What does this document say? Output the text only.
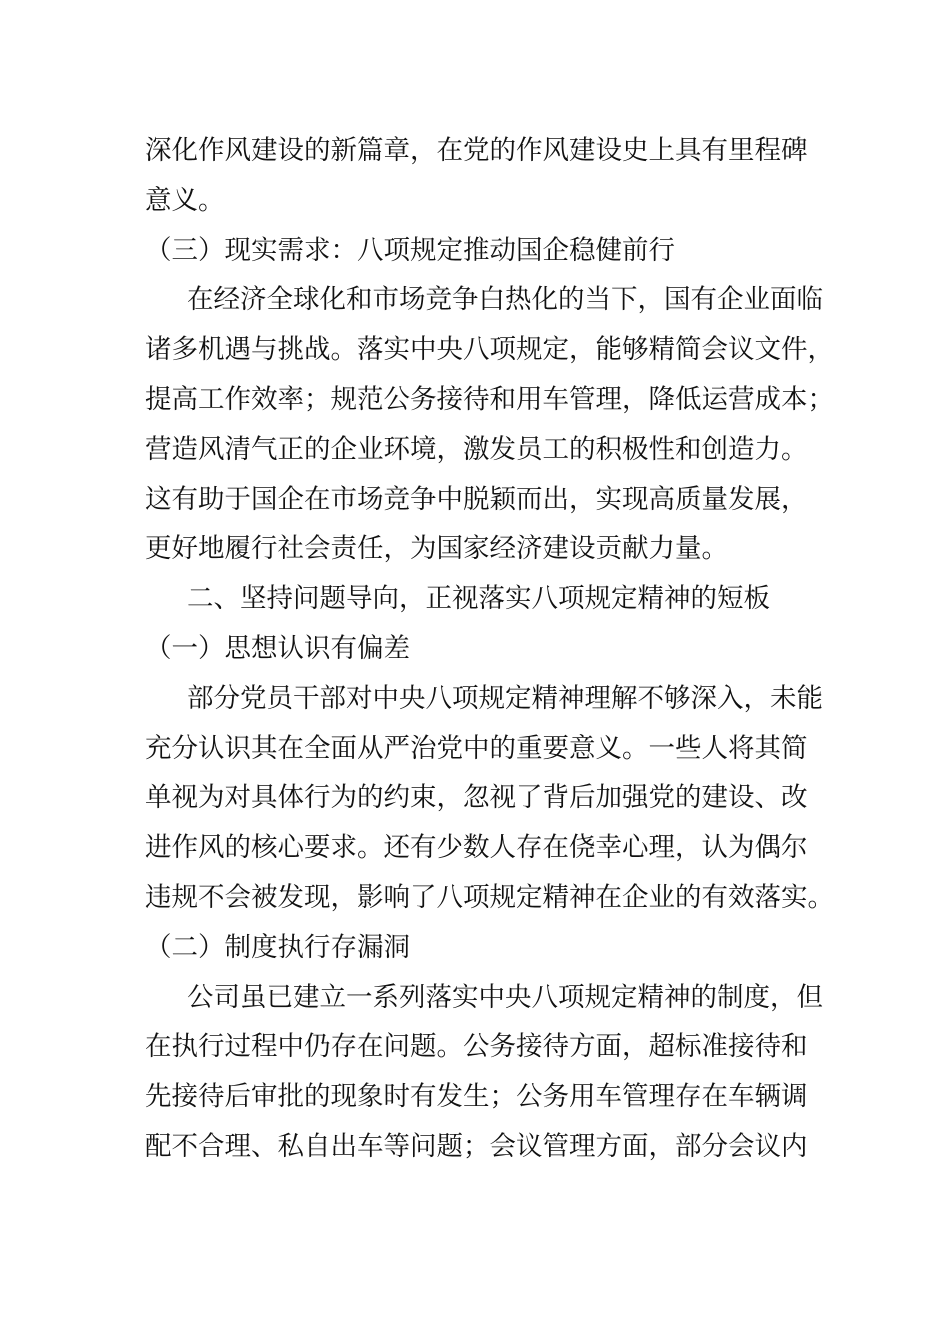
深化作风建设的新篇章，在党的作风建设史上具有里程碑
意义。

（三）现实需求：八项规定推动国企稳健前行

在经济全球化和市场竞争白热化的当下，国有企业面临
诸多机遇与挑战。落实中央八项规定，能够精简会议文件，
提高工作效率；规范公务接待和用车管理，降低运营成本；
营造风清气正的企业环境，激发员工的积极性和创造力。
这有助于国企在市场竞争中脱颖而出，实现高质量发展，
更好地履行社会责任，为国家经济建设贡献力量。

二、坚持问题导向，正视落实八项规定精神的短板

（一）思想认识有偏差

部分党员干部对中央八项规定精神理解不够深入，未能
充分认识其在全面从严治党中的重要意义。一些人将其简
单视为对具体行为的约束，忽视了背后加强党的建设、改
进作风的核心要求。还有少数人存在侥幸心理，认为偶尔
违规不会被发现，影响了八项规定精神在企业的有效落实。

（二）制度执行存漏洞

公司虽已建立一系列落实中央八项规定精神的制度，但
在执行过程中仍存在问题。公务接待方面，超标准接待和
先接待后审批的现象时有发生；公务用车管理存在车辆调
配不合理、私自出车等问题；会议管理方面，部分会议内
